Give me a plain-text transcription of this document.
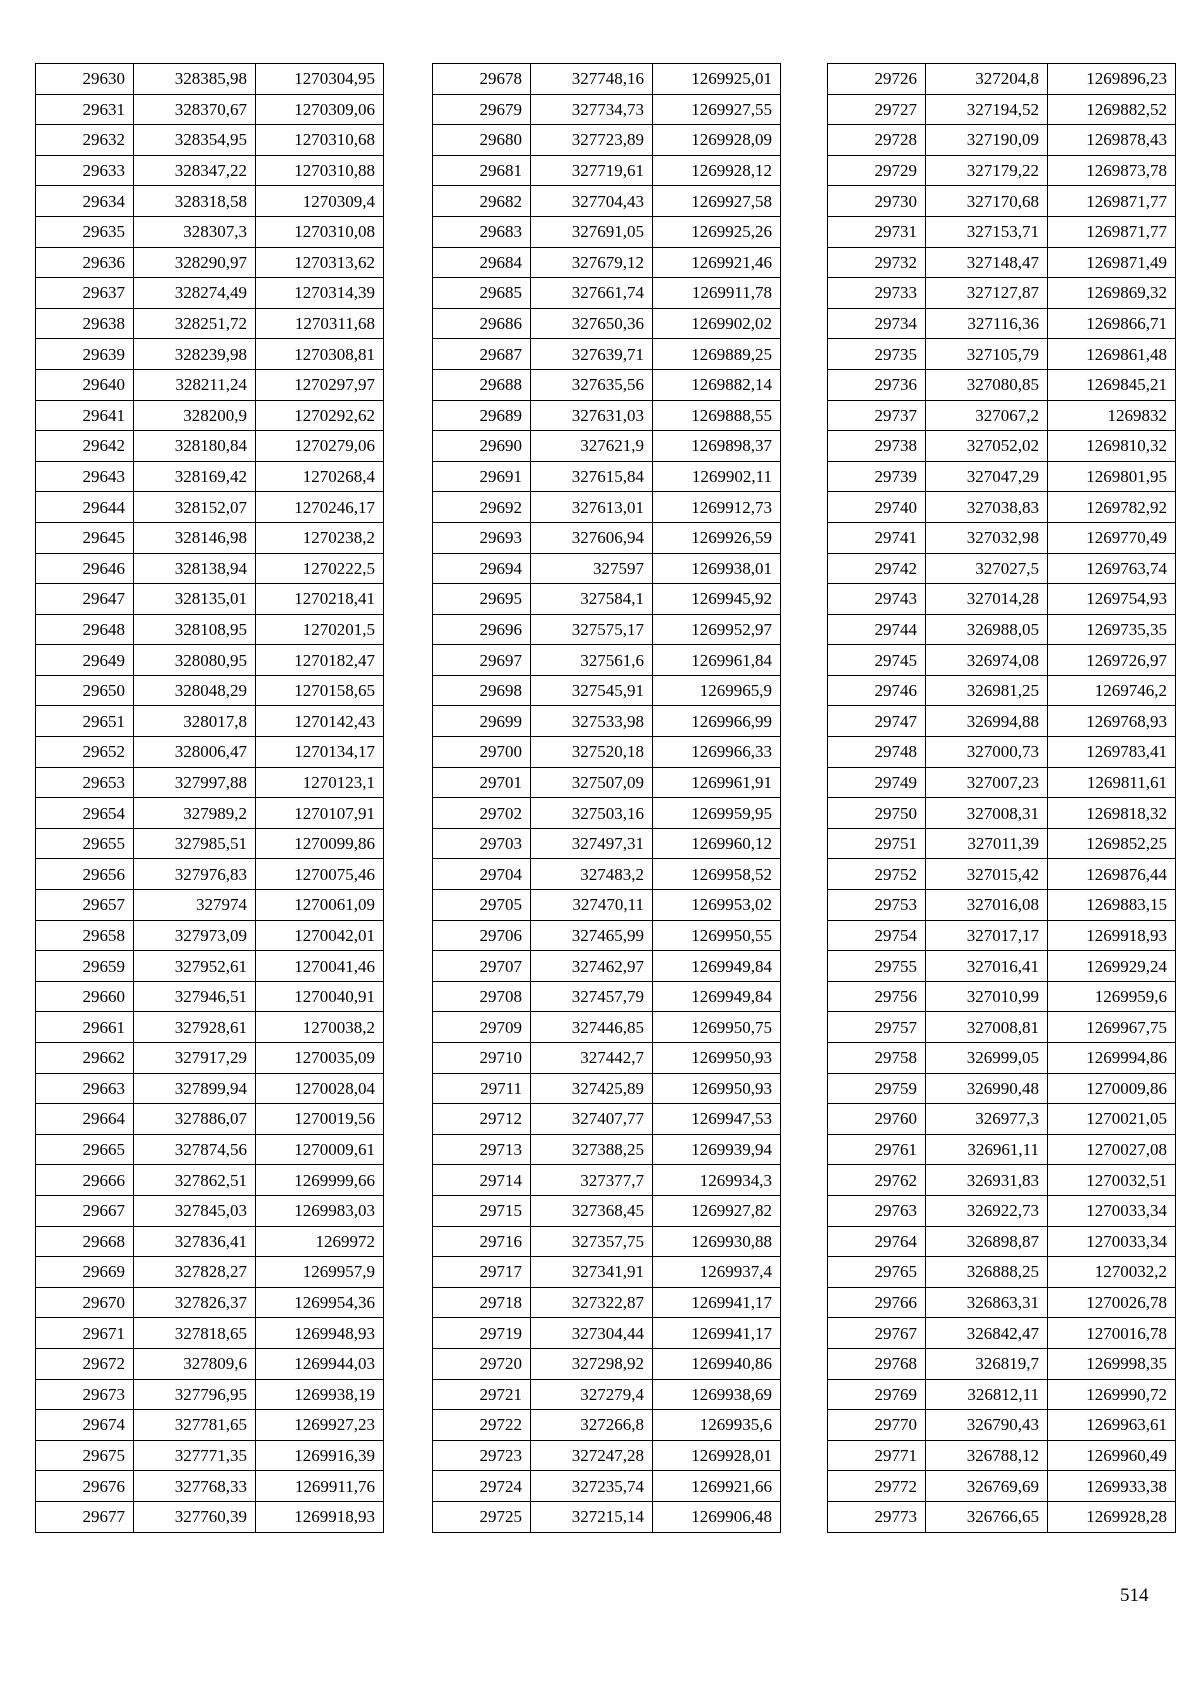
29630	328385,98	1270304,95
29631	328370,67	1270309,06
29632	328354,95	1270310,68
29633	328347,22	1270310,88
29634	328318,58	1270309,4
29635	328307,3	1270310,08
29636	328290,97	1270313,62
29637	328274,49	1270314,39
29638	328251,72	1270311,68
29639	328239,98	1270308,81
29640	328211,24	1270297,97
29641	328200,9	1270292,62
29642	328180,84	1270279,06
29643	328169,42	1270268,4
29644	328152,07	1270246,17
29645	328146,98	1270238,2
29646	328138,94	1270222,5
29647	328135,01	1270218,41
29648	328108,95	1270201,5
29649	328080,95	1270182,47
29650	328048,29	1270158,65
29651	328017,8	1270142,43
29652	328006,47	1270134,17
29653	327997,88	1270123,1
29654	327989,2	1270107,91
29655	327985,51	1270099,86
29656	327976,83	1270075,46
29657	327974	1270061,09
29658	327973,09	1270042,01
29659	327952,61	1270041,46
29660	327946,51	1270040,91
29661	327928,61	1270038,2
29662	327917,29	1270035,09
29663	327899,94	1270028,04
29664	327886,07	1270019,56
29665	327874,56	1270009,61
29666	327862,51	1269999,66
29667	327845,03	1269983,03
29668	327836,41	1269972
29669	327828,27	1269957,9
29670	327826,37	1269954,36
29671	327818,65	1269948,93
29672	327809,6	1269944,03
29673	327796,95	1269938,19
29674	327781,65	1269927,23
29675	327771,35	1269916,39
29676	327768,33	1269911,76
29677	327760,39	1269918,93
29678	327748,16	1269925,01
29679	327734,73	1269927,55
29680	327723,89	1269928,09
29681	327719,61	1269928,12
29682	327704,43	1269927,58
29683	327691,05	1269925,26
29684	327679,12	1269921,46
29685	327661,74	1269911,78
29686	327650,36	1269902,02
29687	327639,71	1269889,25
29688	327635,56	1269882,14
29689	327631,03	1269888,55
29690	327621,9	1269898,37
29691	327615,84	1269902,11
29692	327613,01	1269912,73
29693	327606,94	1269926,59
29694	327597	1269938,01
29695	327584,1	1269945,92
29696	327575,17	1269952,97
29697	327561,6	1269961,84
29698	327545,91	1269965,9
29699	327533,98	1269966,99
29700	327520,18	1269966,33
29701	327507,09	1269961,91
29702	327503,16	1269959,95
29703	327497,31	1269960,12
29704	327483,2	1269958,52
29705	327470,11	1269953,02
29706	327465,99	1269950,55
29707	327462,97	1269949,84
29708	327457,79	1269949,84
29709	327446,85	1269950,75
29710	327442,7	1269950,93
29711	327425,89	1269950,93
29712	327407,77	1269947,53
29713	327388,25	1269939,94
29714	327377,7	1269934,3
29715	327368,45	1269927,82
29716	327357,75	1269930,88
29717	327341,91	1269937,4
29718	327322,87	1269941,17
29719	327304,44	1269941,17
29720	327298,92	1269940,86
29721	327279,4	1269938,69
29722	327266,8	1269935,6
29723	327247,28	1269928,01
29724	327235,74	1269921,66
29725	327215,14	1269906,48
29726	327204,8	1269896,23
29727	327194,52	1269882,52
29728	327190,09	1269878,43
29729	327179,22	1269873,78
29730	327170,68	1269871,77
29731	327153,71	1269871,77
29732	327148,47	1269871,49
29733	327127,87	1269869,32
29734	327116,36	1269866,71
29735	327105,79	1269861,48
29736	327080,85	1269845,21
29737	327067,2	1269832
29738	327052,02	1269810,32
29739	327047,29	1269801,95
29740	327038,83	1269782,92
29741	327032,98	1269770,49
29742	327027,5	1269763,74
29743	327014,28	1269754,93
29744	326988,05	1269735,35
29745	326974,08	1269726,97
29746	326981,25	1269746,2
29747	326994,88	1269768,93
29748	327000,73	1269783,41
29749	327007,23	1269811,61
29750	327008,31	1269818,32
29751	327011,39	1269852,25
29752	327015,42	1269876,44
29753	327016,08	1269883,15
29754	327017,17	1269918,93
29755	327016,41	1269929,24
29756	327010,99	1269959,6
29757	327008,81	1269967,75
29758	326999,05	1269994,86
29759	326990,48	1270009,86
29760	326977,3	1270021,05
29761	326961,11	1270027,08
29762	326931,83	1270032,51
29763	326922,73	1270033,34
29764	326898,87	1270033,34
29765	326888,25	1270032,2
29766	326863,31	1270026,78
29767	326842,47	1270016,78
29768	326819,7	1269998,35
29769	326812,11	1269990,72
29770	326790,43	1269963,61
29771	326788,12	1269960,49
29772	326769,69	1269933,38
29773	326766,65	1269928,28
514
